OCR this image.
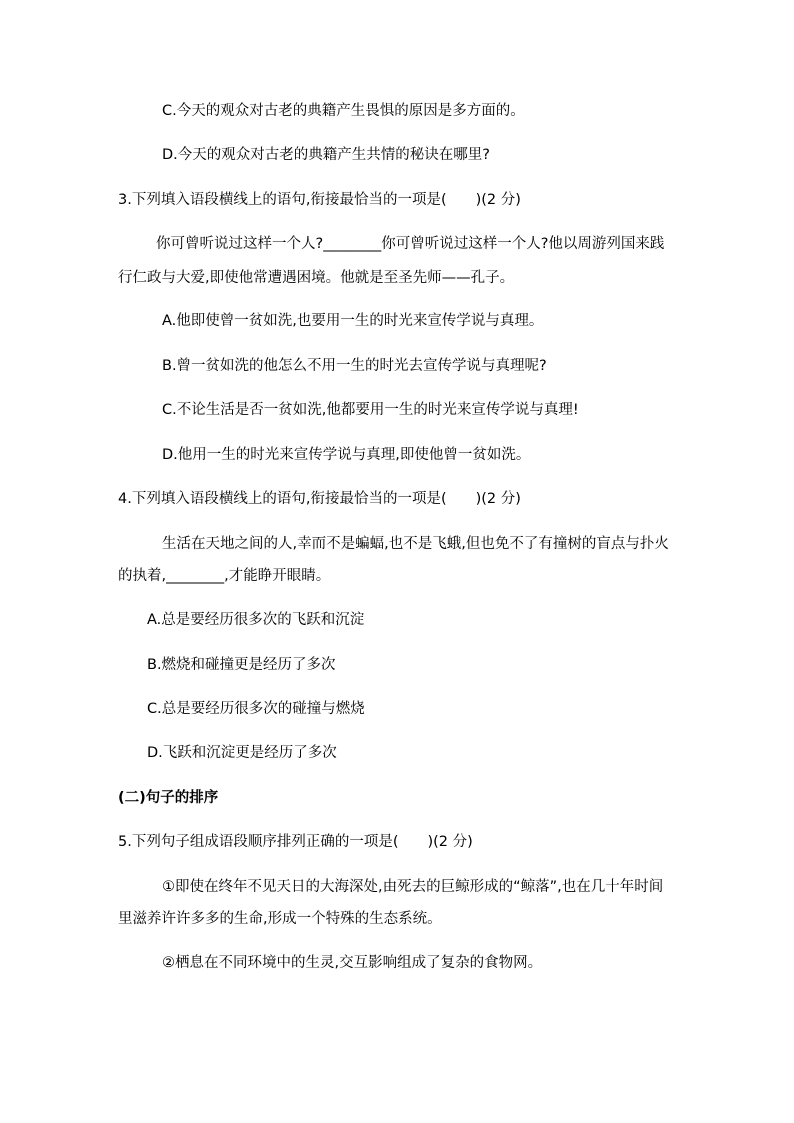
C.今天的观众对古老的典籍产生畏惧的原因是多方面的。
D.今天的观众对古老的典籍产生共情的秘诀在哪里?
3.下列填入语段横线上的语句,衔接最恰当的一项是(　　)(2 分)
你可曾听说过这样一个人?________你可曾听说过这样一个人?他以周游列国来践
行仁政与大爱,即使他常遭遇困境。他就是至圣先师——孔子。
A.他即使曾一贫如洗,也要用一生的时光来宣传学说与真理。
B.曾一贫如洗的他怎么不用一生的时光去宣传学说与真理呢?
C.不论生活是否一贫如洗,他都要用一生的时光来宣传学说与真理!
D.他用一生的时光来宣传学说与真理,即使他曾一贫如洗。
4.下列填入语段横线上的语句,衔接最恰当的一项是(　　)(2 分)
生活在天地之间的人,幸而不是蝙蝠,也不是飞蛾,但也免不了有撞树的盲点与扑火
的执着,________,才能睁开眼睛。
A.总是要经历很多次的飞跃和沉淀
B.燃烧和碰撞更是经历了多次
C.总是要经历很多次的碰撞与燃烧
D.飞跃和沉淀更是经历了多次
(二)句子的排序
5.下列句子组成语段顺序排列正确的一项是(　　)(2 分)
①即使在终年不见天日的大海深处,由死去的巨鲸形成的“鲸落”,也在几十年时间
里滋养许许多多的生命,形成一个特殊的生态系统。
②栖息在不同环境中的生灵,交互影响组成了复杂的食物网。
